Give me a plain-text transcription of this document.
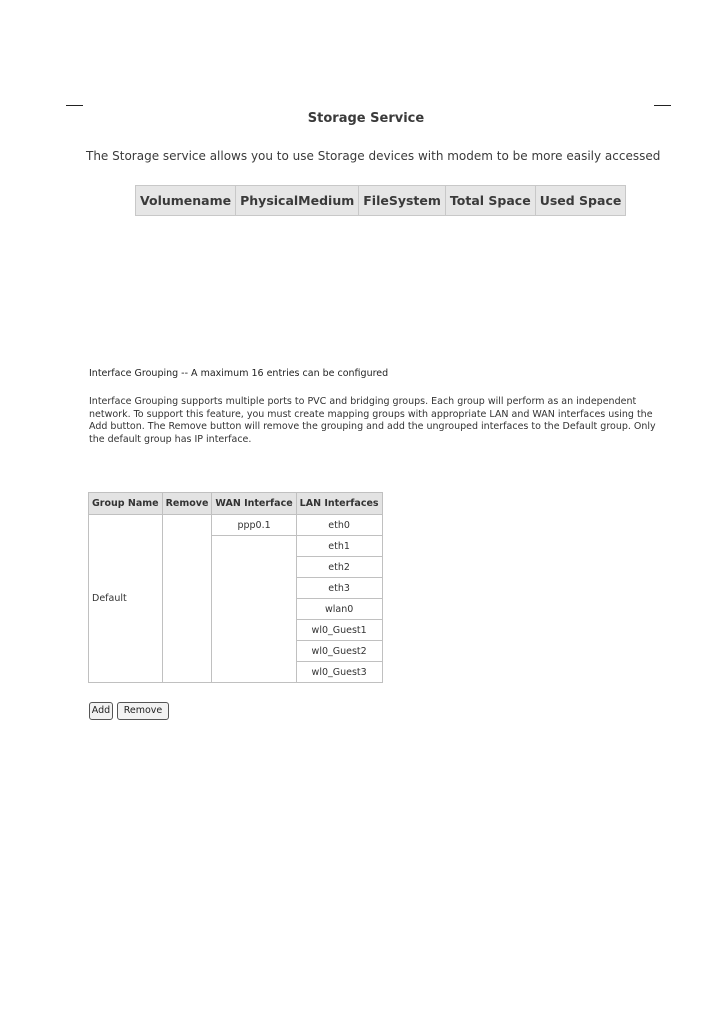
Storage Service
The Storage service allows you to use Storage devices with modem to be more easily accessed
Volumename	PhysicalMedium	FileSystem	Total Space	Used Space
Interface Grouping -- A maximum 16 entries can be configured
Interface Grouping supports multiple ports to PVC and bridging groups. Each group will perform as an independent network. To support this feature, you must create mapping groups with appropriate LAN and WAN interfaces using the Add button. The Remove button will remove the grouping and add the ungrouped interfaces to the Default group. Only the default group has IP interface.
Group Name	Remove	WAN Interface	LAN Interfaces
Default		ppp0.1	eth0
			eth1
			eth2
			eth3
			wlan0
			wl0_Guest1
			wl0_Guest2
			wl0_Guest3
Add	Remove
